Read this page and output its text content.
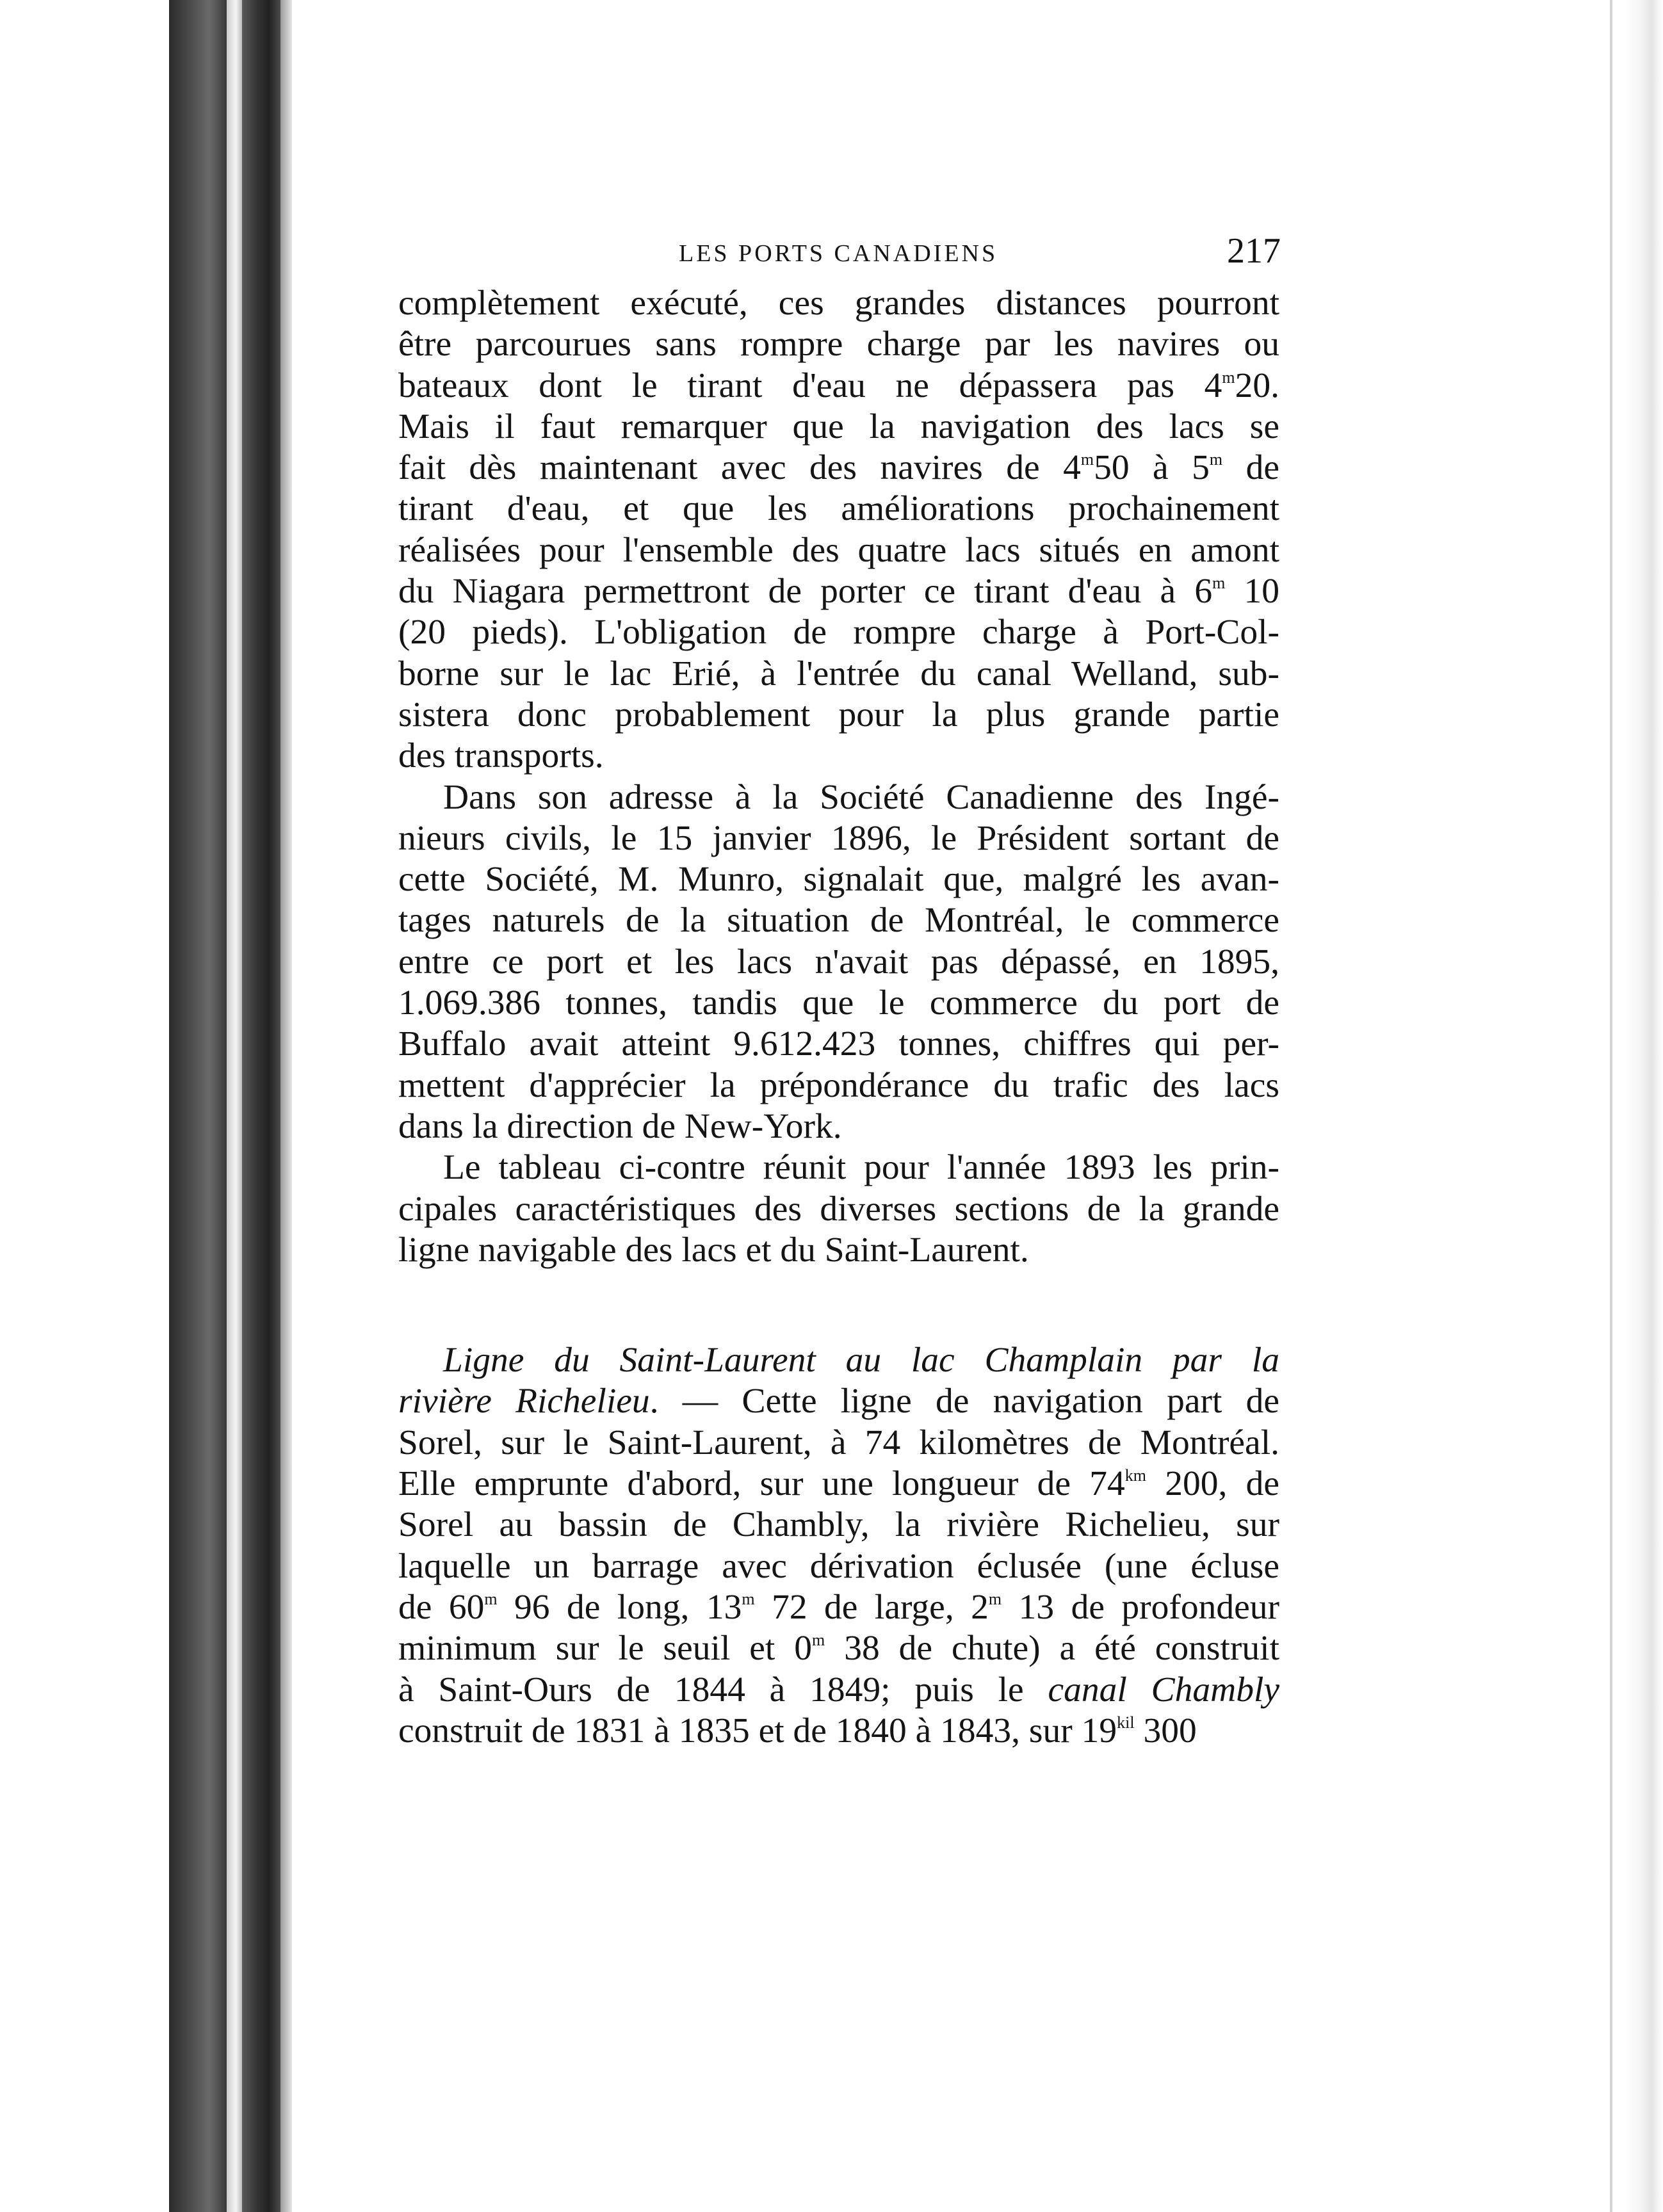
LES PORTS CANADIENS	217
complètement exécuté, ces grandes distances pourront
être parcourues sans rompre charge par les navires ou
bateaux dont le tirant d'eau ne dépassera pas 4$^m$20.
Mais il faut remarquer que la navigation des lacs se
fait dès maintenant avec des navires de 4$^m$50 à 5$^m$ de
tirant d'eau, et que les améliorations prochainement
réalisées pour l'ensemble des quatre lacs situés en amont
du Niagara permettront de porter ce tirant d'eau à 6$^m$ 10
(20 pieds). L'obligation de rompre charge à Port-Col-
borne sur le lac Erié, à l'entrée du canal Welland, sub-
sistera donc probablement pour la plus grande partie
des transports.
Dans son adresse à la Société Canadienne des Ingé-
nieurs civils, le 15 janvier 1896, le Président sortant de
cette Société, M. Munro, signalait que, malgré les avan-
tages naturels de la situation de Montréal, le commerce
entre ce port et les lacs n'avait pas dépassé, en 1895,
1.069.386 tonnes, tandis que le commerce du port de
Buffalo avait atteint 9.612.423 tonnes, chiffres qui per-
mettent d'apprécier la prépondérance du trafic des lacs
dans la direction de New-York.
Le tableau ci-contre réunit pour l'année 1893 les prin-
cipales caractéristiques des diverses sections de la grande
ligne navigable des lacs et du Saint-Laurent.
Ligne du Saint-Laurent au lac Champlain par la
rivière Richelieu. — Cette ligne de navigation part de
Sorel, sur le Saint-Laurent, à 74 kilomètres de Montréal.
Elle emprunte d'abord, sur une longueur de $74^{km}$ 200, de
Sorel au bassin de Chambly, la rivière Richelieu, sur
laquelle un barrage avec dérivation éclusée (une écluse
de 60$^m$ 96 de long, 13$^m$ 72 de large, 2$^m$ 13 de profondeur
minimum sur le seuil et 0$^m$ 38 de chute) a été construit
à Saint-Ours de 1844 à 1849; puis le canal Chambly
construit de 1831 à 1835 et de 1840 à 1843, sur $19^{kil}$ 300
